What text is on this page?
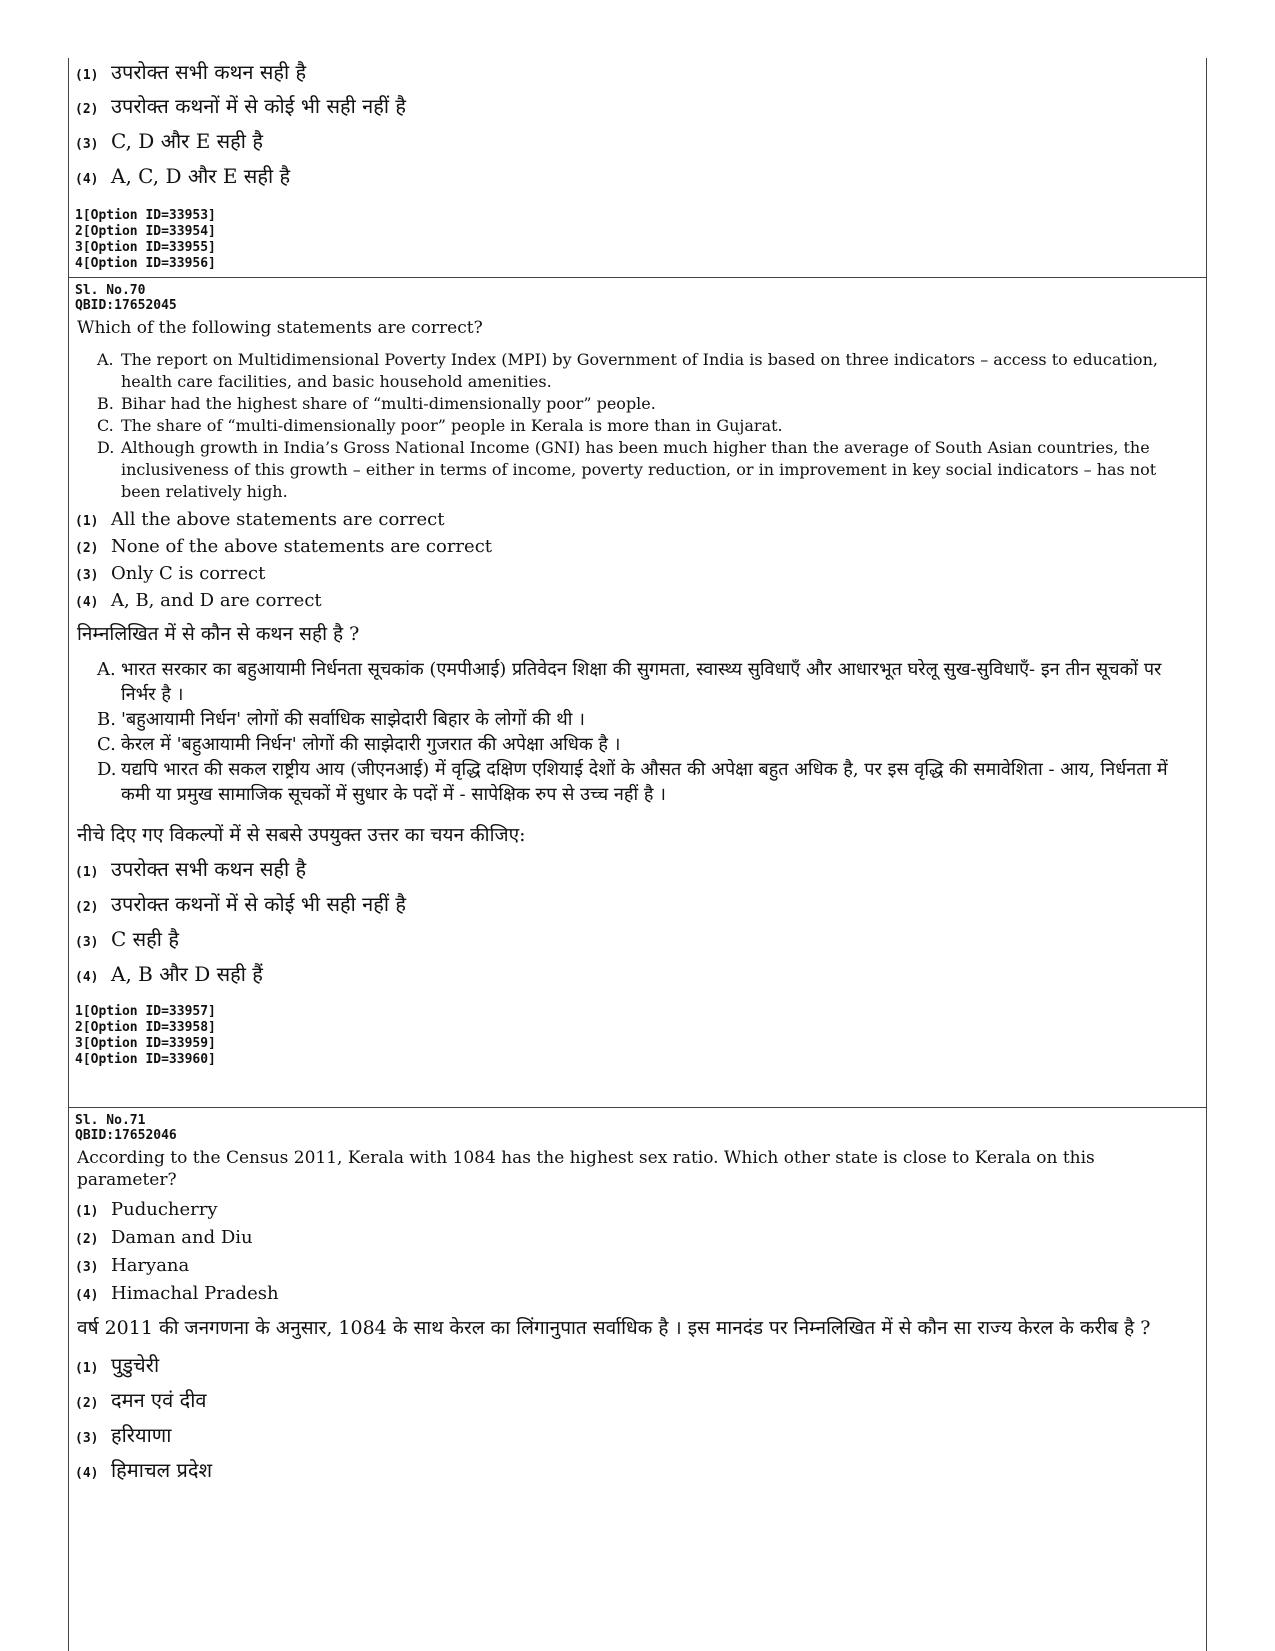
(1) उपरोक्त सभी कथन सही है
(2) उपरोक्त कथनों में से कोई भी सही नहीं है
(3) C, D और E सही है
(4) A, C, D और E सही है
1[Option ID=33953]
2[Option ID=33954]
3[Option ID=33955]
4[Option ID=33956]
Sl. No.70
QBID:17652045
Which of the following statements are correct?
A. The report on Multidimensional Poverty Index (MPI) by Government of India is based on three indicators – access to education, health care facilities, and basic household amenities.
B. Bihar had the highest share of “multi-dimensionally poor” people.
C. The share of “multi-dimensionally poor” people in Kerala is more than in Gujarat.
D. Although growth in India’s Gross National Income (GNI) has been much higher than the average of South Asian countries, the inclusiveness of this growth – either in terms of income, poverty reduction, or in improvement in key social indicators – has not been relatively high.
(1) All the above statements are correct
(2) None of the above statements are correct
(3) Only C is correct
(4) A, B, and D are correct
निम्नलिखित में से कौन से कथन सही है ?
A. भारत सरकार का बहुआयामी निर्धनता सूचकांक (एमपीआई) प्रतिवेदन शिक्षा की सुगमता, स्वास्थ्य सुविधाएँ और आधारभूत घरेलू सुख-सुविधाएँ- इन तीन सूचकों पर निर्भर है ।
B. 'बहुआयामी निर्धन' लोगों की सर्वाधिक साझेदारी बिहार के लोगों की थी ।
C. केरल में 'बहुआयामी निर्धन' लोगों की साझेदारी गुजरात की अपेक्षा अधिक है ।
D. यद्यपि भारत की सकल राष्ट्रीय आय (जीएनआई) में वृद्धि दक्षिण एशियाई देशों के औसत की अपेक्षा बहुत अधिक है, पर इस वृद्धि की समावेशिता - आय, निर्धनता में कमी या प्रमुख सामाजिक सूचकों में सुधार के पदों में - सापेक्षिक रुप से उच्च नहीं है ।
नीचे दिए गए विकल्पों में से सबसे उपयुक्त उत्तर का चयन कीजिए:
(1) उपरोक्त सभी कथन सही है
(2) उपरोक्त कथनों में से कोई भी सही नहीं है
(3) C सही है
(4) A, B और D सही हैं
1[Option ID=33957]
2[Option ID=33958]
3[Option ID=33959]
4[Option ID=33960]
Sl. No.71
QBID:17652046
According to the Census 2011, Kerala with 1084 has the highest sex ratio. Which other state is close to Kerala on this parameter?
(1) Puducherry
(2) Daman and Diu
(3) Haryana
(4) Himachal Pradesh
वर्ष 2011 की जनगणना के अनुसार, 1084 के साथ केरल का लिंगानुपात सर्वाधिक है । इस मानदंड पर निम्नलिखित में से कौन सा राज्य केरल के करीब है ?
(1) पुडुचेरी
(2) दमन एवं दीव
(3) हरियाणा
(4) हिमाचल प्रदेश
